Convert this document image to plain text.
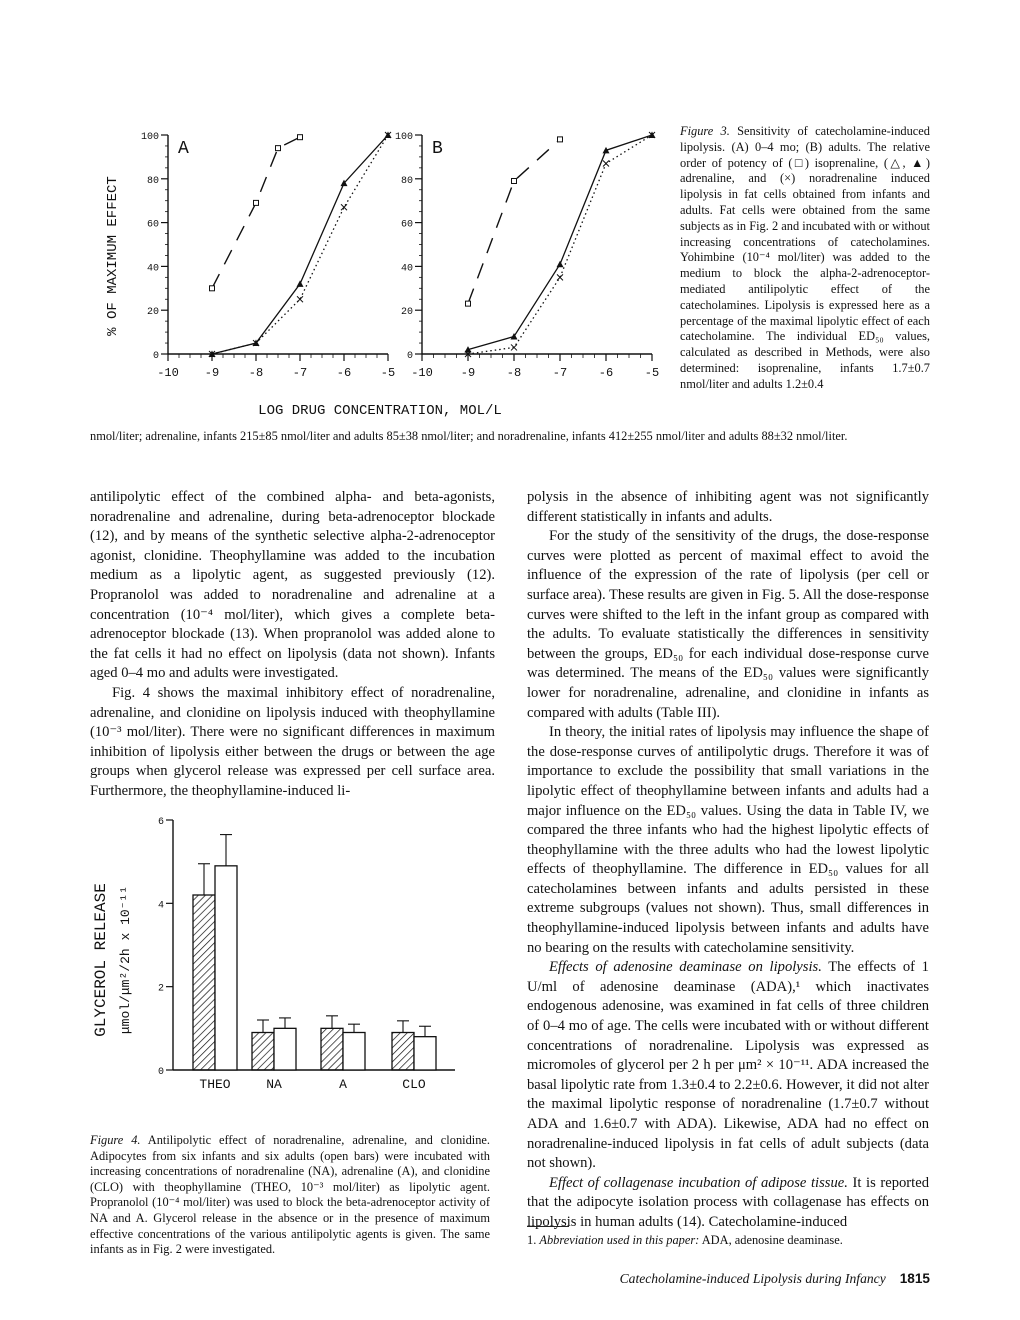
% OF MAXIMUM EFFECT
LOG DRUG CONCENTRATION, MOL/L
0
20
40
60
80
100
-10 -9 -8 -7 -6 -5
A
0
20
40
60
80
100
-10 -9	-8	-7	-6	-5
B
Figure 3. Sensitivity of catecholamine-induced lipolysis. (A) 0–4 mo; (B) adults. The relative order of potency of (□) isoprenaline, (△, ▲) adrenaline, and (×) noradrenaline induced lipolysis in fat cells obtained from infants and adults. Fat cells were obtained from the same subjects as in Fig. 2 and incubated with or without increasing concentrations of catecholamines. Yohimbine (10⁻⁴ mol/liter) was added to the medium to block the alpha-2-adrenoceptor-mediated antilipolytic effect of the catecholamines. Lipolysis is expressed here as a percentage of the maximal lipolytic effect of each catecholamine. The individual ED₅₀ values, calculated as described in Methods, were also determined: isoprenaline, infants 1.7±0.7 nmol/liter and adults 1.2±0.4
nmol/liter; adrenaline, infants 215±85 nmol/liter and adults 85±38 nmol/liter; and noradrenaline, infants 412±255 nmol/liter and adults 88±32 nmol/liter.

antilipolytic effect of the combined alpha- and beta-agonists, noradrenaline and adrenaline, during beta-adrenoceptor blockade (12), and by means of the synthetic selective alpha-2-adrenoceptor agonist, clonidine. Theophyllamine was added to the incubation medium as a lipolytic agent, as suggested previously (12). Propranolol was added to noradrenaline and adrenaline at a concentration (10⁻⁴ mol/liter), which gives a complete beta-adrenoceptor blockade (13). When propranolol was added alone to the fat cells it had no effect on lipolysis (data not shown). Infants aged 0–4 mo and adults were investigated.

Fig. 4 shows the maximal inhibitory effect of noradrenaline, adrenaline, and clonidine on lipolysis induced with theophyllamine (10⁻³ mol/liter). There were no significant differences in maximum inhibition of lipolysis either between the drugs or between the age groups when glycerol release was expressed per cell surface area. Furthermore, the theophyllamine-induced li-

GLYCEROL RELEASE μmol/μm²/2h x 10⁻¹¹
0
2
4
6
THEO	NA	A	CLO
Figure 4. Antilipolytic effect of noradrenaline, adrenaline, and clonidine. Adipocytes from six infants and six adults (open bars) were incubated with increasing concentrations of noradrenaline (NA), adrenaline (A), and clonidine (CLO) with theophyllamine (THEO, 10⁻³ mol/liter) as lipolytic agent. Propranolol (10⁻⁴ mol/liter) was used to block the beta-adrenoceptor activity of NA and A. Glycerol release in the absence or in the presence of maximum effective concentrations of the various antilipolytic agents is given. The same infants as in Fig. 2 were investigated.

polysis in the absence of inhibiting agent was not significantly different statistically in infants and adults.

For the study of the sensitivity of the drugs, the dose-response curves were plotted as percent of maximal effect to avoid the influence of the expression of the rate of lipolysis (per cell or surface area). These results are given in Fig. 5. All the dose-response curves were shifted to the left in the infant group as compared with the adults. To evaluate statistically the differences in sensitivity between the groups, ED₅₀ for each individual dose-response curve was determined. The means of the ED₅₀ values were significantly lower for noradrenaline, adrenaline, and clonidine in infants as compared with adults (Table III).

In theory, the initial rates of lipolysis may influence the shape of the dose-response curves of antilipolytic drugs. Therefore it was of importance to exclude the possibility that small variations in the lipolytic effect of theophyllamine between infants and adults had a major influence on the ED₅₀ values. Using the data in Table IV, we compared the three infants who had the highest lipolytic effects of theophyllamine with the three adults who had the lowest lipolytic effects of theophyllamine. The difference in ED₅₀ values for all catecholamines between infants and adults persisted in these extreme subgroups (values not shown). Thus, small differences in theophyllamine-induced lipolysis between infants and adults have no bearing on the results with catecholamine sensitivity.

Effects of adenosine deaminase on lipolysis. The effects of 1 U/ml of adenosine deaminase (ADA),¹ which inactivates endogenous adenosine, was examined in fat cells of three children of 0–4 mo of age. The cells were incubated with or without different concentrations of noradrenaline. Lipolysis was expressed as micromoles of glycerol per 2 h per μm² × 10⁻¹¹. ADA increased the basal lipolytic rate from 1.3±0.4 to 2.2±0.6. However, it did not alter the maximal lipolytic response of noradrenaline (1.7±0.7 without ADA and 1.6±0.7 with ADA). Likewise, ADA had no effect on noradrenaline-induced lipolysis in fat cells of adult subjects (data not shown).

Effect of collagenase incubation of adipose tissue. It is reported that the adipocyte isolation process with collagenase has effects on lipolysis in human adults (14). Catecholamine-induced

1. Abbreviation used in this paper: ADA, adenosine deaminase.
Catecholamine-induced Lipolysis during Infancy 1815
